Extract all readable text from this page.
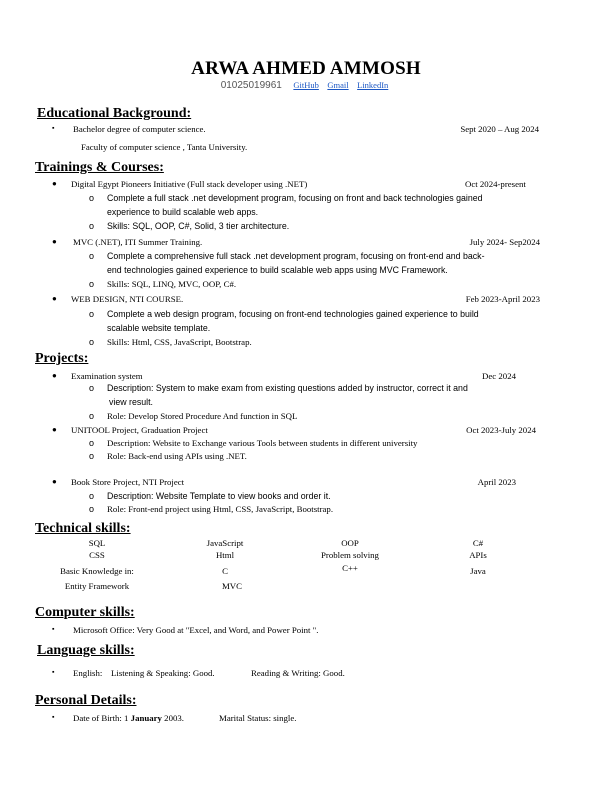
ARWA AHMED AMMOSH
01025019961 GitHub Gmail LinkedIn
Educational Background:
▪ Bachelor degree of computer science.	Sept 2020 – Aug 2024
Faculty of computer science , Tanta University.
Trainings & Courses:
● Digital Egypt Pioneers Initiative (Full stack developer using .NET)	Oct 2024-present
o Complete a full stack .net development program, focusing on front and back technologies gained
experience to build scalable web apps.
o Skills: SQL, OOP, C#, Solid, 3 tier architecture.
● MVC (.NET), ITI Summer Training.	July 2024- Sep2024
o Complete a comprehensive full stack .net development program, focusing on front-end and back-
end technologies gained experience to build scalable web apps using MVC Framework.
o Skills: SQL, LINQ, MVC, OOP, C#.
● WEB DESIGN, NTI COURSE.	Feb 2023-April 2023
o Complete a web design program, focusing on front-end technologies gained experience to build
scalable website template.
o Skills: Html, CSS, JavaScript, Bootstrap.
Projects:
● Examination system	Dec 2024
o Description: System to make exam from existing questions added by instructor, correct it and
view result.
o Role: Develop Stored Procedure And function in SQL
● UNITOOL Project, Graduation Project	Oct 2023-July 2024
o Description: Website to Exchange various Tools between students in different university
o Role: Back-end using APIs using .NET.
● Book Store Project, NTI Project	April 2023
o Description: Website Template to view books and order it.
o Role: Front-end project using Html, CSS, JavaScript, Bootstrap.
Technical skills:
SQL	JavaScript	OOP	C#
CSS	Html	Problem solving	APIs
Basic Knowledge in:	C	C++	Java
Entity Framework	MVC
Computer skills:
▪ Microsoft Office: Very Good at "Excel, and Word, and Power Point ".
Language skills:
▪ English: Listening & Speaking: Good.	Reading & Writing: Good.
Personal Details:
▪ Date of Birth: 1 January 2003.	Marital Status: single.
